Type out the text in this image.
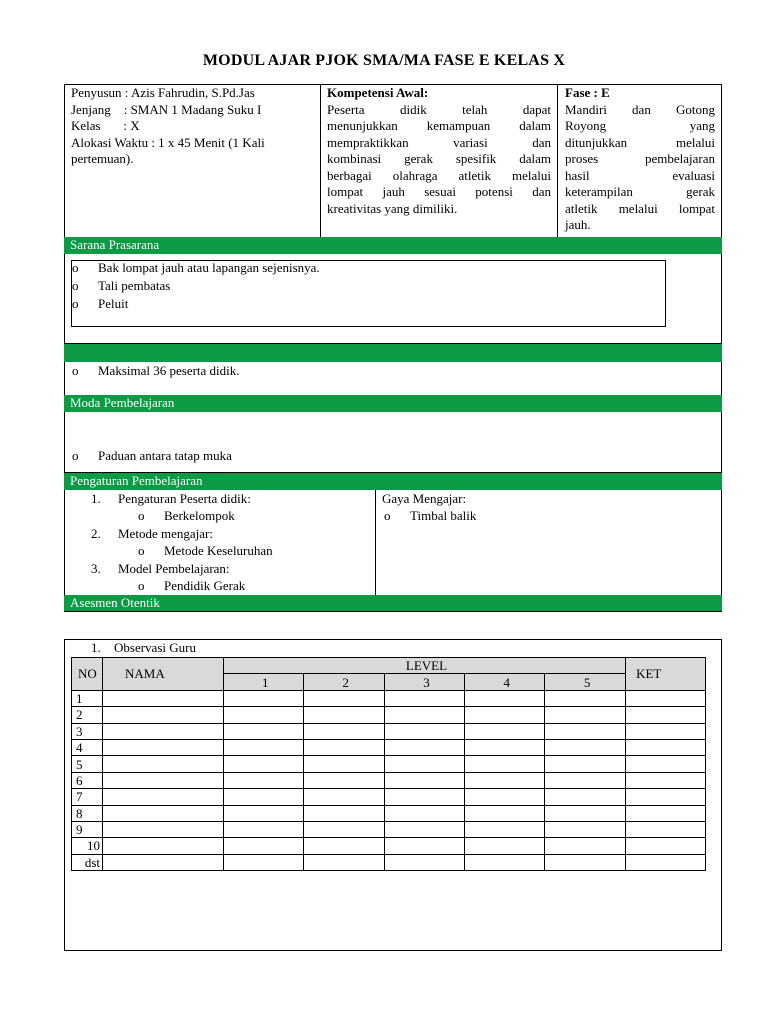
MODUL AJAR PJOK SMA/MA FASE E KELAS X
Penyusun : Azis Fahrudin, S.Pd.Jas
Jenjang    : SMAN 1 Madang Suku I
Kelas       : X
Alokasi Waktu : 1 x 45 Menit (1 Kali
pertemuan).
Kompetensi Awal:
Peserta didik telah dapat
menunjukkan kemampuan dalam
mempraktikkan variasi dan
kombinasi gerak spesifik dalam
berbagai olahraga atletik melalui
lompat jauh sesuai potensi dan
kreativitas yang dimiliki.
Fase : E
Mandiri dan Gotong
Royong yang
ditunjukkan melalui
proses pembelajaran
hasil evaluasi
keterampilan gerak
atletik melalui lompat
jauh.
Sarana Prasarana
o Bak lompat jauh atau lapangan sejenisnya.
o Tali pembatas
o Peluit
o Maksimal 36 peserta didik.
Moda Pembelajaran
o Paduan antara tatap muka
Pengaturan Pembelajaran
1. Pengaturan Peserta didik:
o Berkelompok
2. Metode mengajar:
o Metode Keseluruhan
3. Model Pembelajaran:
o Pendidik Gerak
Gaya Mengajar:
o Timbal balik
Asesmen Otentik
1. Observasi Guru
NO	NAMA	LEVEL					KET
		1	2	3	4	5	
1							
2							
3							
4							
5							
6							
7							
8							
9							
10							
dst							
